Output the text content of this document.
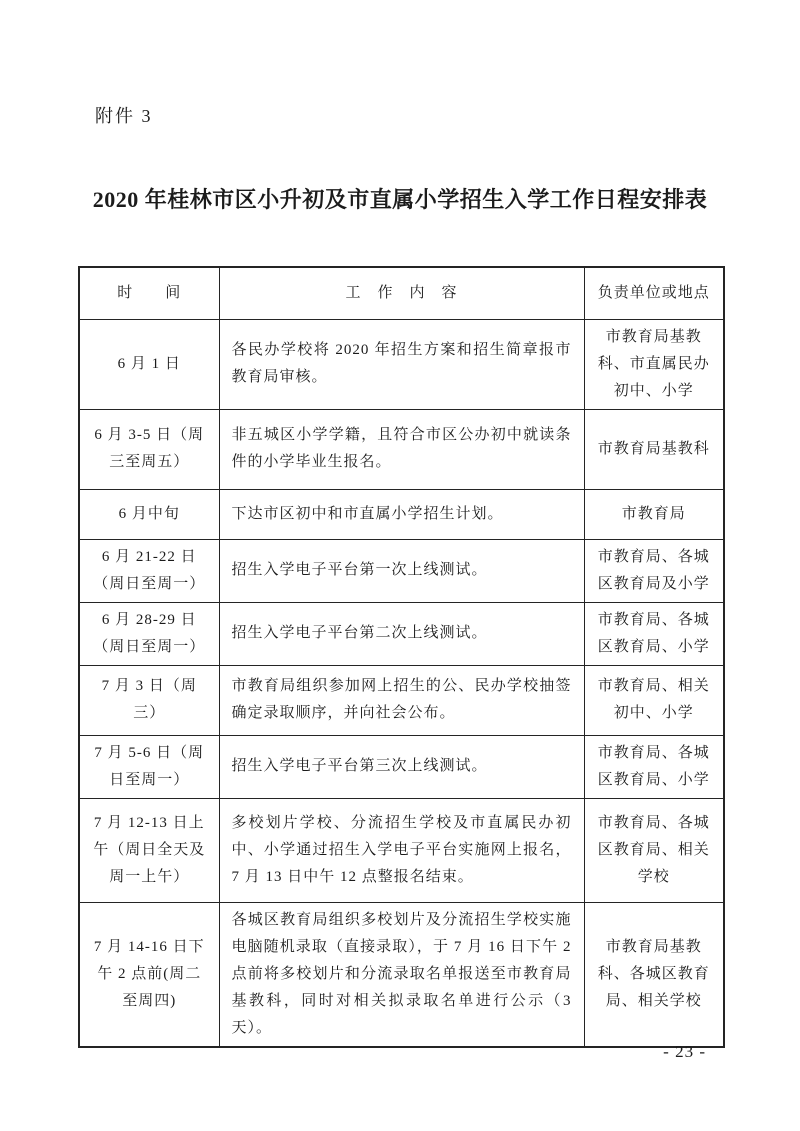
附件 3
2020 年桂林市区小升初及市直属小学招生入学工作日程安排表
时　　间	工　作　内　容	负责单位或地点
6 月 1 日	各民办学校将 2020 年招生方案和招生简章报市教育局审核。	市教育局基教科、市直属民办初中、小学
6 月 3-5 日（周三至周五）	非五城区小学学籍，且符合市区公办初中就读条件的小学毕业生报名。	市教育局基教科
6 月中旬	下达市区初中和市直属小学招生计划。	市教育局
6 月 21-22 日（周日至周一）	招生入学电子平台第一次上线测试。	市教育局、各城区教育局及小学
6 月 28-29 日（周日至周一）	招生入学电子平台第二次上线测试。	市教育局、各城区教育局、小学
7 月 3 日（周三）	市教育局组织参加网上招生的公、民办学校抽签确定录取顺序，并向社会公布。	市教育局、相关初中、小学
7 月 5-6 日（周日至周一）	招生入学电子平台第三次上线测试。	市教育局、各城区教育局、小学
7 月 12-13 日上午（周日全天及周一上午）	多校划片学校、分流招生学校及市直属民办初中、小学通过招生入学电子平台实施网上报名，7 月 13 日中午 12 点整报名结束。	市教育局、各城区教育局、相关学校
7 月 14-16 日下午 2 点前(周二至周四)	各城区教育局组织多校划片及分流招生学校实施电脑随机录取（直接录取），于 7 月 16 日下午 2 点前将多校划片和分流录取名单报送至市教育局基教科，同时对相关拟录取名单进行公示（3 天）。	市教育局基教科、各城区教育局、相关学校
- 23 -
